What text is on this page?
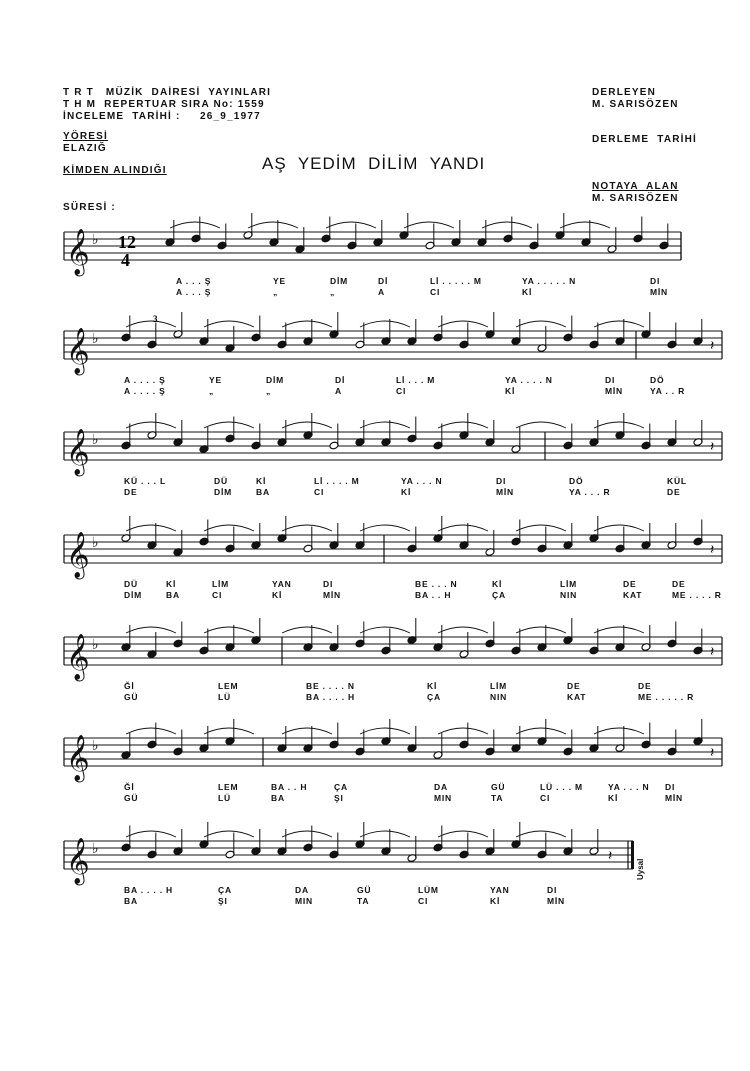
T R T   MÜZİK  DAİRESİ  YAYINLARI
T H M  REPERTUAR SIRA No: 1559
İNCELEME  TARİHİ : 26_9_1977
YÖRESİ
ELAZIĞ
KİMDEN ALINDIĞI
SÜRESİ :
DERLEYEN
M. SARISÖZEN
DERLEME  TARİHİ
NOTAYA  ALAN
M. SARISÖZEN
AŞ  YEDİM  DİLİM  YANDI
𝄞 ♭
𝄞 ♭
𝄞 ♭
𝄞 ♭
𝄞 ♭
𝄞 ♭
𝄞 ♭
𝄽
𝄽
𝄽
𝄽
𝄽
𝄽
A . . . Ş	YE	DİM	Dİ	Lİ . . . . . M	YA . . . . . N	DI
A . . . Ş	„	„	A	CI	Kİ	MİN
A . . . . Ş	YE	DİM	Dİ	Lİ . . . M	YA . . . . N	DI	DÖ
A . . . . Ş	„	„	A	CI	Kİ	MİN	YA . . R
KÜ . . . L	DÜ	Kİ	Lİ . . . . M	YA . . . N	DI	DÖ	KÜL
DE	DİM	BA	CI	Kİ	MİN	YA . . . R	DE
DÜ	Kİ	LİM	YAN	DI	BE . . . N	Kİ	LİM	DE	DE
DİM	BA	CI	Kİ	MİN	BA . . H	ÇA	NIN	KAT	ME . . . . R
Ğİ	LEM	BE . . . . N	Kİ	LİM	DE	DE
GÜ	LÜ	BA . . . . H	ÇA	NIN	KAT	ME . . . . . R
Ğİ	LEM	BA . . H	ÇA	DA	GÜ	LÜ . . . M	YA . . . N DI
GÜ	LÜ	BA	ŞI	MIN	TA	CI	Kİ	MİN
BA . . . . H	ÇA	DA	GÜ	LÜM	YAN	DI
BA	ŞI	MIN	TA	CI	Kİ	MİN
12
4
3
Uysal
